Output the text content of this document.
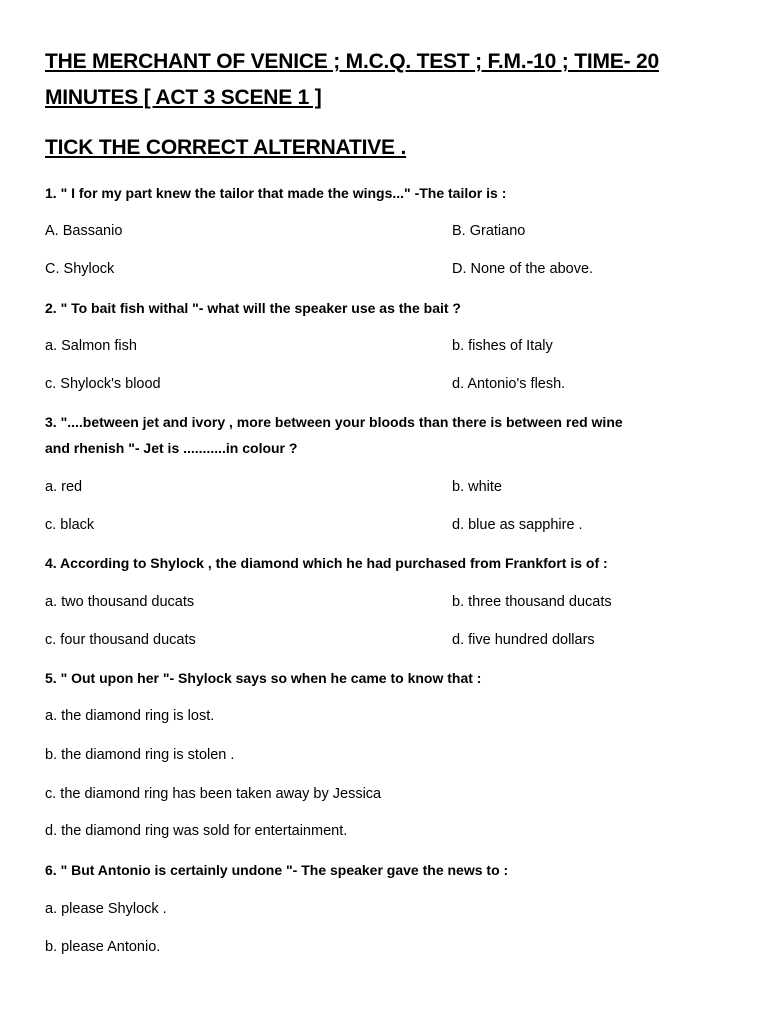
THE MERCHANT OF VENICE ; M.C.Q. TEST ; F.M.-10 ; TIME- 20
MINUTES [ ACT 3 SCENE 1 ]
TICK THE CORRECT ALTERNATIVE .
1. " I for my part knew the tailor that made the wings..." -The tailor is :
A. Bassanio	B. Gratiano
C. Shylock	D. None of the above.
2. " To bait fish withal "- what will the speaker use as the bait ?
a. Salmon fish	b. fishes of Italy
c. Shylock's blood	d. Antonio's flesh.
3. "....between jet and ivory , more between your bloods than there is between red wine
and rhenish "- Jet is ...........in colour ?
a. red	b. white
c. black	d. blue as sapphire .
4. According to Shylock , the diamond which he had purchased from Frankfort is of :
a. two thousand ducats	b. three thousand ducats
c. four thousand ducats	d. five hundred dollars
5. " Out upon her "- Shylock says so when he came to know that :
a. the diamond ring is lost.
b. the diamond ring is stolen .
c. the diamond ring has been taken away by Jessica
d. the diamond ring was sold for entertainment.
6. " But Antonio is certainly undone "- The speaker gave the news to :
a. please Shylock .
b. please Antonio.
